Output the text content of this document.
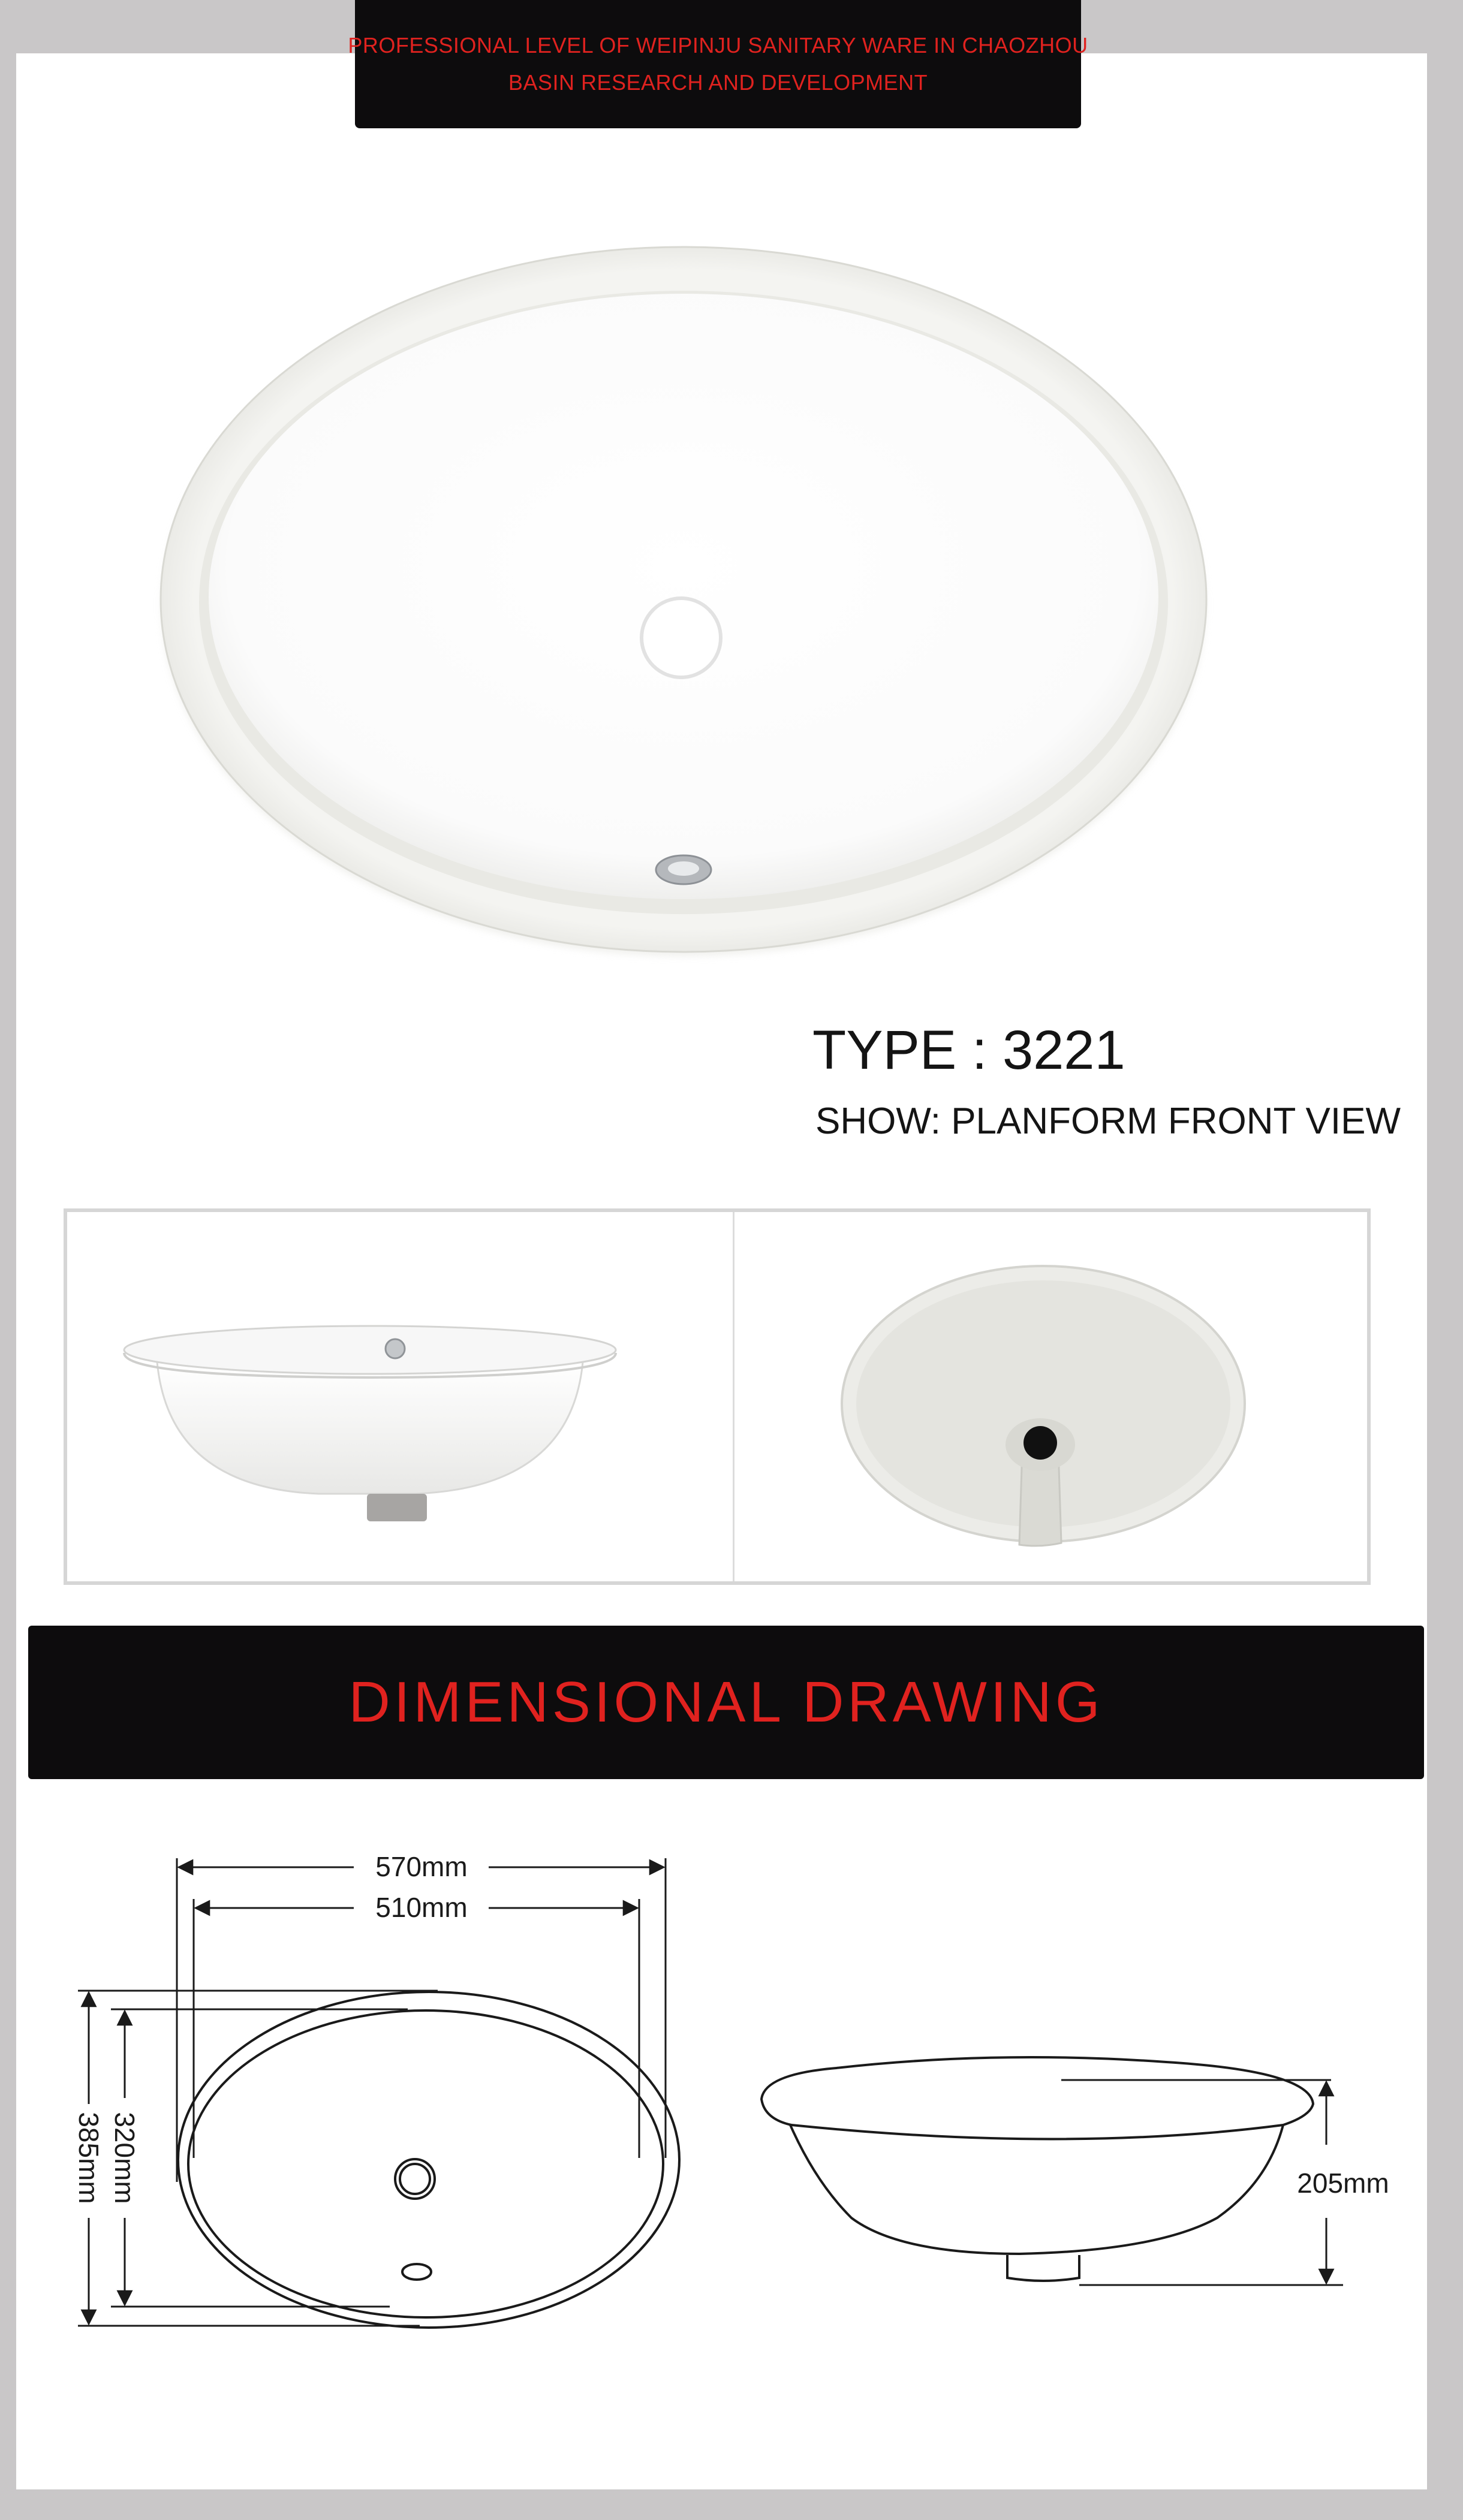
PROFESSIONAL LEVEL OF WEIPINJU SANITARY WARE IN CHAOZHOU
BASIN RESEARCH AND DEVELOPMENT
TYPE : 3221
SHOW: PLANFORM FRONT VIEW
DIMENSIONAL DRAWING
570mm
510mm
320mm
385mm	205mm
